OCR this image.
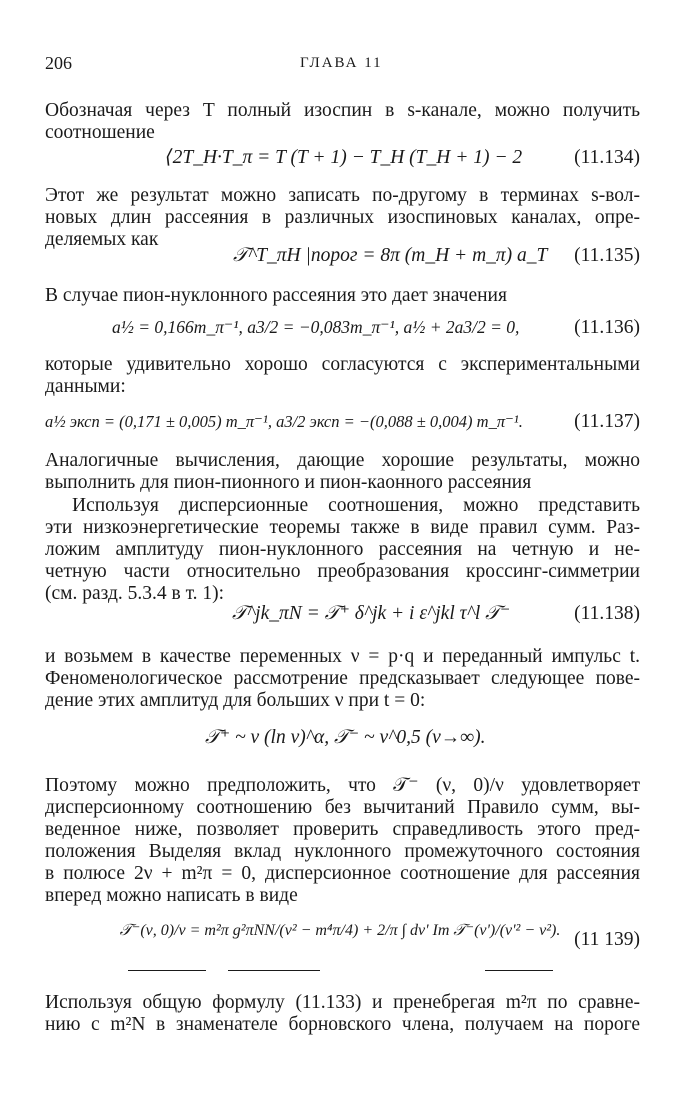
206	ГЛАВА 11
Обозначая через T полный изоспин в s-канале, можно получить
соотношение
⟨2T_H·T_π = T (T + 1) − T_H (T_H + 1) − 2	(11.134)
Этот же результат можно записать по-другому в терминах s-вол-
новых длин рассеяния в различных изоспиновых каналах, опре-
деляемых как
𝒯^T_πH |порог = 8π (m_H + m_π) a_T	(11.135)
В случае пион-нуклонного рассеяния это дает значения
a½ = 0,166m_π⁻¹, a3/2 = −0,083m_π⁻¹, a½ + 2a3/2 = 0,	(11.136)
которые удивительно хорошо согласуются с экспериментальными
данными:
a½ эксп = (0,171 ± 0,005) m_π⁻¹, a3/2 эксп = −(0,088 ± 0,004) m_π⁻¹.	(11.137)
Аналогичные вычисления, дающие хорошие результаты, можно
выполнить для пион-пионного и пион-каонного рассеяния
Используя дисперсионные соотношения, можно представить
эти низкоэнергетические теоремы также в виде правил сумм. Раз-
ложим амплитуду пион-нуклонного рассеяния на четную и не-
четную части относительно преобразования кроссинг-симметрии
(см. разд. 5.3.4 в т. 1):
𝒯^jk_πN = 𝒯⁺ δ^jk + i ε^jkl τ^l 𝒯⁻	(11.138)
и возьмем в качестве переменных ν = p·q и переданный импульс t.
Феноменологическое рассмотрение предсказывает следующее пове-
дение этих амплитуд для больших ν при t = 0:
𝒯⁺ ~ ν (ln ν)^α, 𝒯⁻ ~ ν^0,5 (ν→∞).
Поэтому можно предположить, что 𝒯⁻ (ν, 0)/ν удовлетворяет
дисперсионному соотношению без вычитаний Правило сумм, вы-
веденное ниже, позволяет проверить справедливость этого пред-
положения Выделяя вклад нуклонного промежуточного состояния
в полюсе 2ν + m²π = 0, дисперсионное соотношение для рассеяния
вперед можно написать в виде
𝒯⁻(ν, 0)/ν = m²π g²πNN/(ν² − m⁴π/4) + 2/π ∫ dν' Im 𝒯⁻(ν')/(ν'² − ν²). (11 139)
Используя общую формулу (11.133) и пренебрегая m²π по сравне-
нию с m²N в знаменателе борновского члена, получаем на пороге
